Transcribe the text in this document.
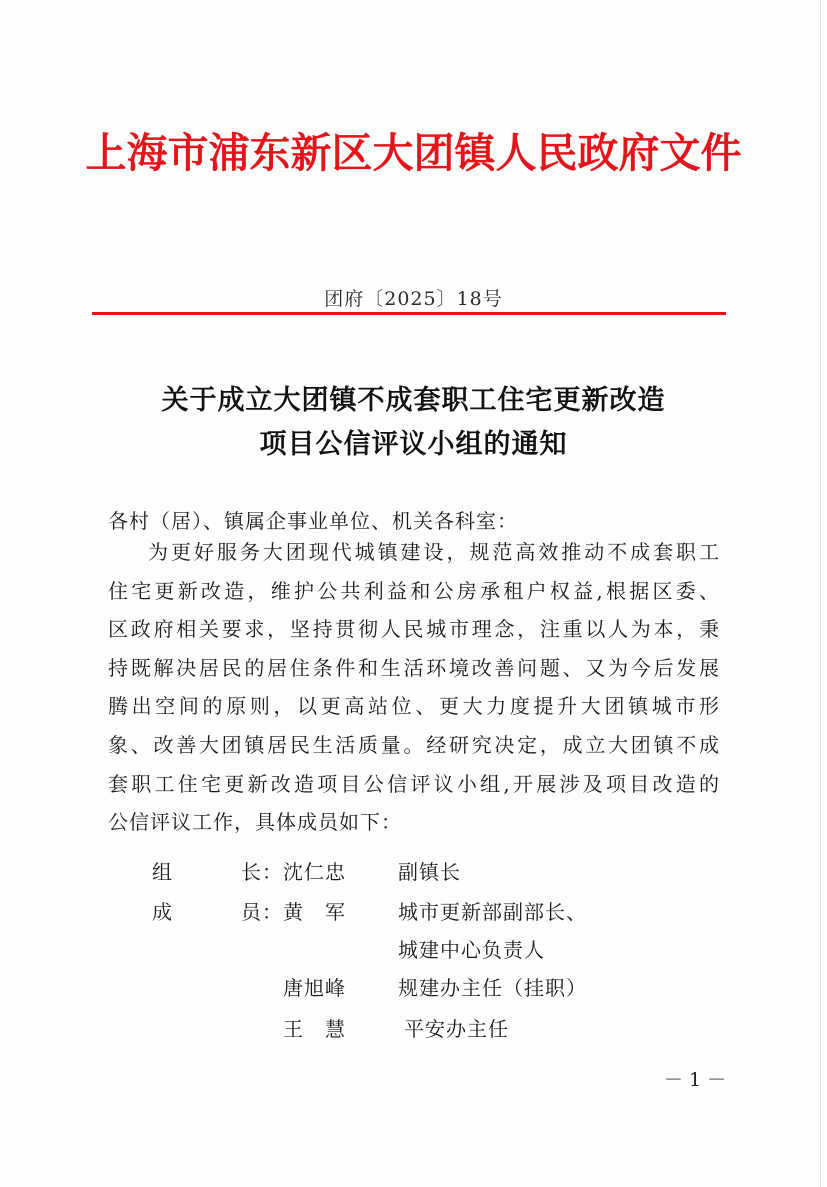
上海市浦东新区大团镇人民政府文件
团府〔2025〕18号
关于成立大团镇不成套职工住宅更新改造
项目公信评议小组的通知
各村（居）、镇属企事业单位、机关各科室：
为更好服务大团现代城镇建设，规范高效推动不成套职工
住宅更新改造，维护公共利益和公房承租户权益,根据区委、
区政府相关要求，坚持贯彻人民城市理念，注重以人为本，秉
持既解决居民的居住条件和生活环境改善问题、又为今后发展
腾出空间的原则，以更高站位、更大力度提升大团镇城市形
象、改善大团镇居民生活质量。经研究决定，成立大团镇不成
套职工住宅更新改造项目公信评议小组,开展涉及项目改造的
公信评议工作，具体成员如下：
组	长： 沈仁忠	副镇长
成	员： 黄　军	城市更新部副部长、
城建中心负责人
唐旭峰	规建办主任（挂职）
王　慧	平安办主任
－ 1 －
